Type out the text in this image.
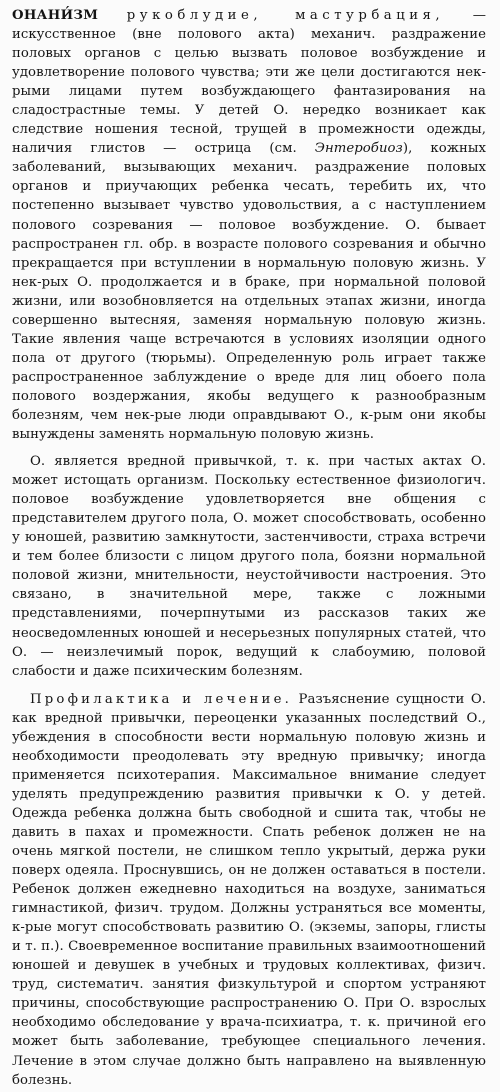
ОНАНИ́ЗМ рукоблудие, мастурбация, — искусственное (вне полового акта) механич. раздражение половых органов с целью вызвать половое возбуждение и удовлетворение полового чувства; эти же цели достигаются нек-рыми лицами путем возбуждающего фантазирования на сладострастные темы. У детей О. нередко возникает как следствие ношения тесной, трущей в промежности одежды, наличия глистов — острица (см. Энтеробиоз), кожных заболеваний, вызывающих механич. раздражение половых органов и приучающих ребенка чесать, теребить их, что постепенно вызывает чувство удовольствия, а с наступлением полового созревания — половое возбуждение. О. бывает распространен гл. обр. в возрасте полового созревания и обычно прекращается при вступлении в нормальную половую жизнь. У нек-рых О. продолжается и в браке, при нормальной половой жизни, или возобновляется на отдельных этапах жизни, иногда совершенно вытесняя, заменяя нормальную половую жизнь. Такие явления чаще встречаются в условиях изоляции одного пола от другого (тюрьмы). Определенную роль играет также распространенное заблуждение о вреде для лиц обоего пола полового воздержания, якобы ведущего к разнообразным болезням, чем нек-рые люди оправдывают О., к-рым они якобы вынуждены заменять нормальную половую жизнь.

О. является вредной привычкой, т. к. при частых актах О. может истощать организм. Поскольку естественное физиологич. половое возбуждение удовлетворяется вне общения с представителем другого пола, О. может способствовать, особенно у юношей, развитию замкнутости, застенчивости, страха встречи и тем более близости с лицом другого пола, боязни нормальной половой жизни, мнительности, неустойчивости настроения. Это связано, в значительной мере, также с ложными представлениями, почерпнутыми из рассказов таких же неосведомленных юношей и несерьезных популярных статей, что О. — неизлечимый порок, ведущий к слабоумию, половой слабости и даже психическим болезням.

Профилактика и лечение. Разъяснение сущности О. как вредной привычки, переоценки указанных последствий О., убеждения в способности вести нормальную половую жизнь и необходимости преодолевать эту вредную привычку; иногда применяется психотерапия. Максимальное внимание следует уделять предупреждению развития привычки к О. у детей. Одежда ребенка должна быть свободной и сшита так, чтобы не давить в пахах и промежности. Спать ребенок должен не на очень мягкой постели, не слишком тепло укрытый, держа руки поверх одеяла. Проснувшись, он не должен оставаться в постели. Ребенок должен ежедневно находиться на воздухе, заниматься гимнастикой, физич. трудом. Должны устраняться все моменты, к-рые могут способствовать развитию О. (экземы, запоры, глисты и т. п.). Своевременное воспитание правильных взаимоотношений юношей и девушек в учебных и трудовых коллективах, физич. труд, систематич. занятия физкультурой и спортом устраняют причины, способствующие распространению О. При О. взрослых необходимо обследование у врача-психиатра, т. к. причиной его может быть заболевание, требующее специального лечения. Лечение в этом случае должно быть направлено на выявленную болезнь.
